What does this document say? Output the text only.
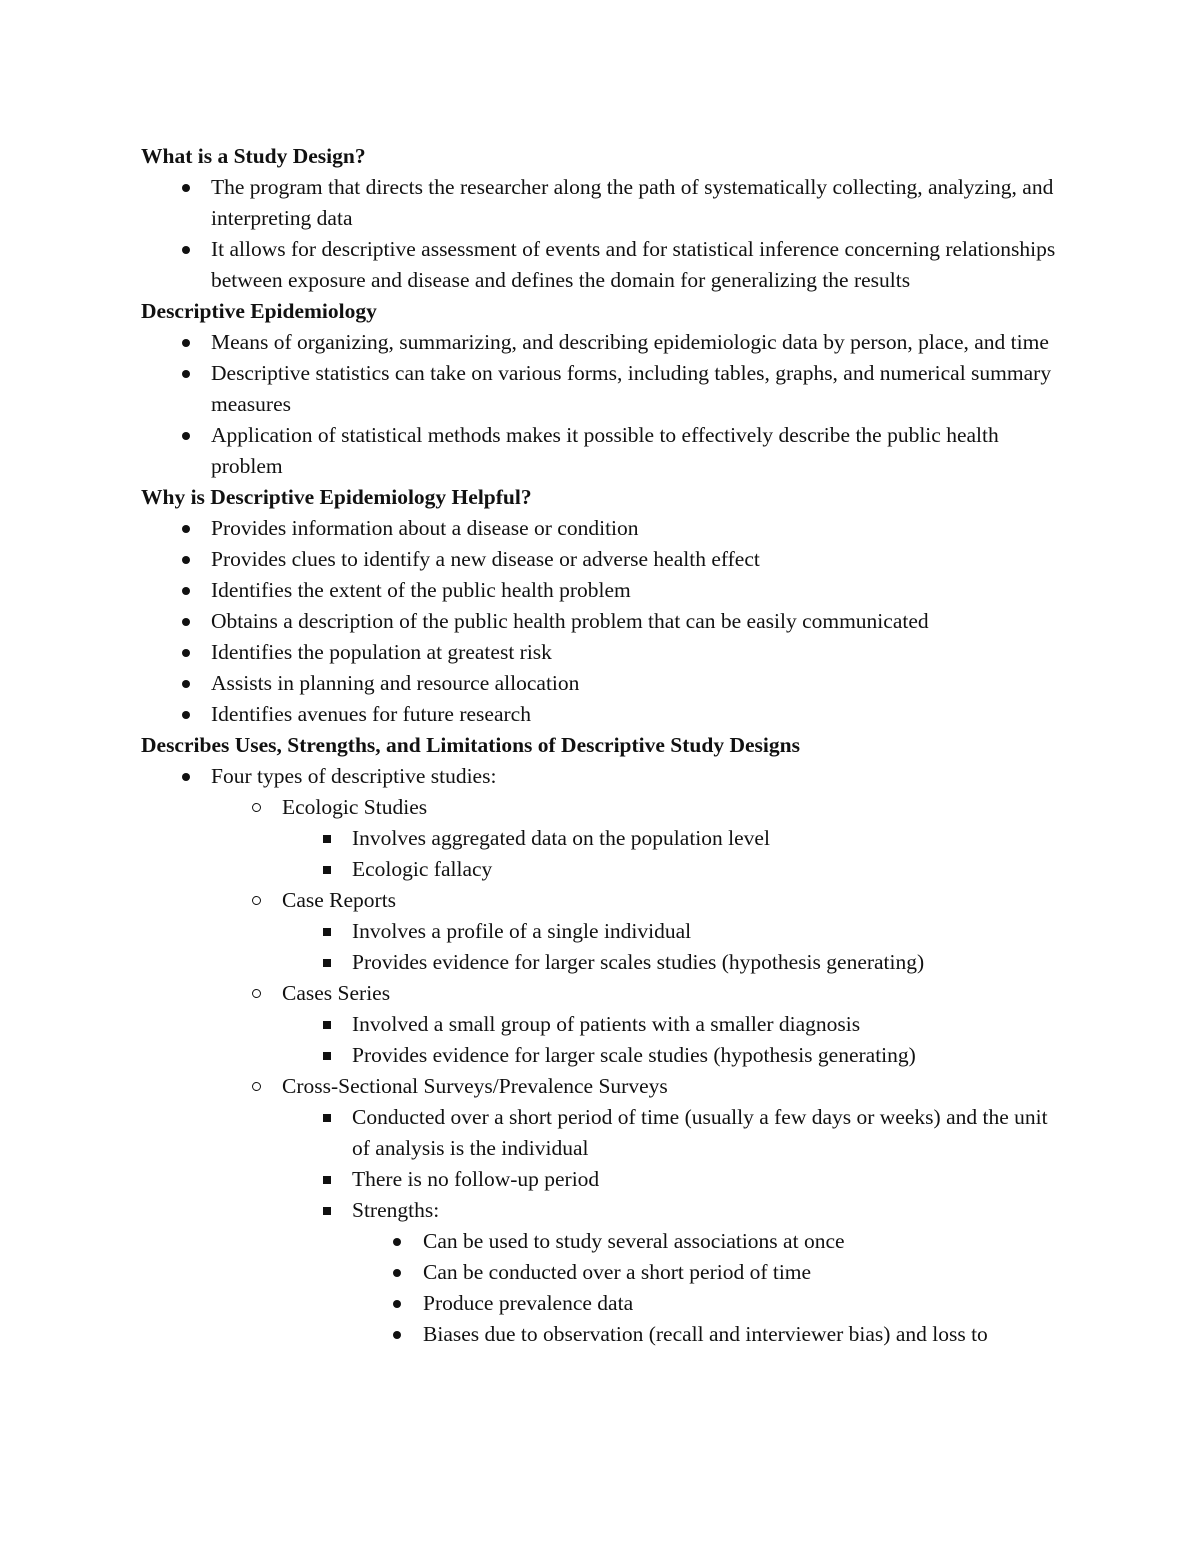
What is a Study Design?
The program that directs the researcher along the path of systematically collecting, analyzing, and interpreting data
It allows for descriptive assessment of events and for statistical inference concerning relationships between exposure and disease and defines the domain for generalizing the results
Descriptive Epidemiology
Means of organizing, summarizing, and describing epidemiologic data by person, place, and time
Descriptive statistics can take on various forms, including tables, graphs, and numerical summary measures
Application of statistical methods makes it possible to effectively describe the public health problem
Why is Descriptive Epidemiology Helpful?
Provides information about a disease or condition
Provides clues to identify a new disease or adverse health effect
Identifies the extent of the public health problem
Obtains a description of the public health problem that can be easily communicated
Identifies the population at greatest risk
Assists in planning and resource allocation
Identifies avenues for future research
Describes Uses, Strengths, and Limitations of Descriptive Study Designs
Four types of descriptive studies:
Ecologic Studies
Involves aggregated data on the population level
Ecologic fallacy
Case Reports
Involves a profile of a single individual
Provides evidence for larger scales studies (hypothesis generating)
Cases Series
Involved a small group of patients with a smaller diagnosis
Provides evidence for larger scale studies (hypothesis generating)
Cross-Sectional Surveys/Prevalence Surveys
Conducted over a short period of time (usually a few days or weeks) and the unit of analysis is the individual
There is no follow-up period
Strengths:
Can be used to study several associations at once
Can be conducted over a short period of time
Produce prevalence data
Biases due to observation (recall and interviewer bias) and loss to
